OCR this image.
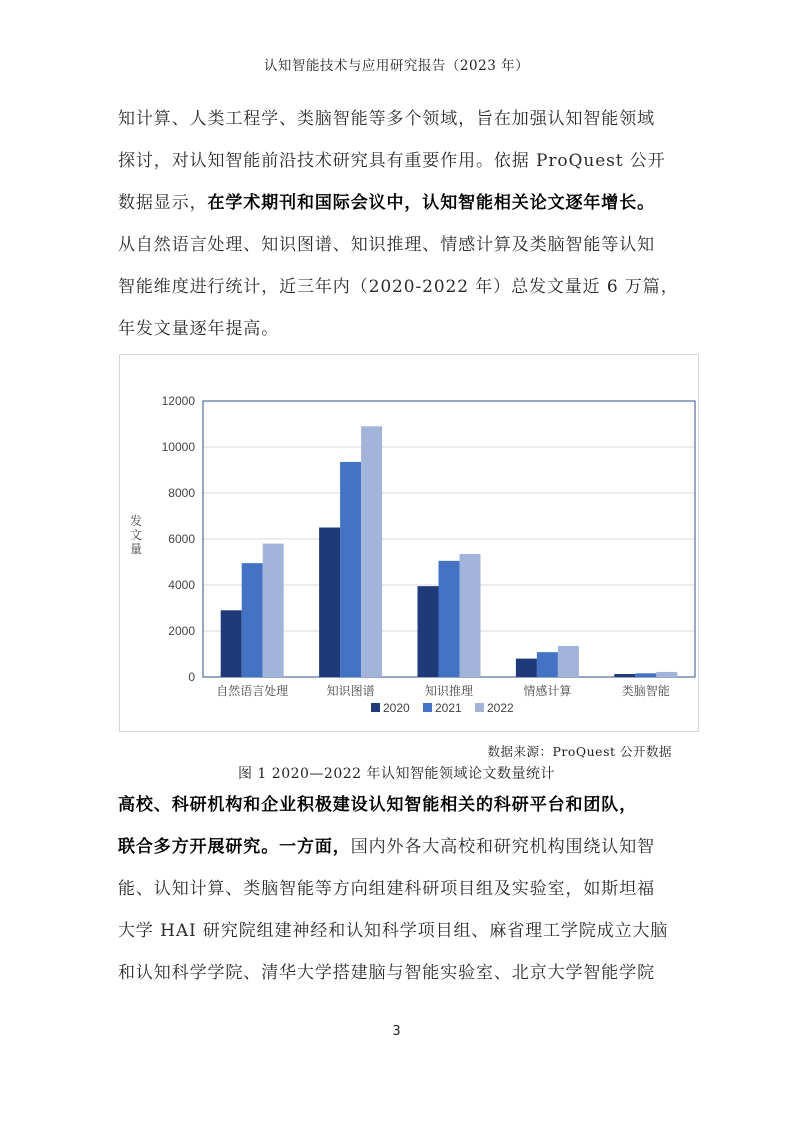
认知智能技术与应用研究报告（2023 年）
知计算、人类工程学、类脑智能等多个领域，旨在加强认知智能领域
探讨，对认知智能前沿技术研究具有重要作用。依据 ProQuest 公开
数据显示，在学术期刊和国际会议中，认知智能相关论文逐年增长。
从自然语言处理、知识图谱、知识推理、情感计算及类脑智能等认知
智能维度进行统计，近三年内（2020-2022 年）总发文量近 6 万篇，
年发文量逐年提高。
0
2000
4000
6000
8000
10000
12000
发
文
量
自然语言处理	知识图谱	知识推理	情感计算	类脑智能
2020 2021 2022
数据来源：ProQuest 公开数据
图 1 2020—2022 年认知智能领域论文数量统计
高校、科研机构和企业积极建设认知智能相关的科研平台和团队，
联合多方开展研究。一方面，国内外各大高校和研究机构围绕认知智
能、认知计算、类脑智能等方向组建科研项目组及实验室，如斯坦福
大学 HAI 研究院组建神经和认知科学项目组、麻省理工学院成立大脑
和认知科学学院、清华大学搭建脑与智能实验室、北京大学智能学院
3
